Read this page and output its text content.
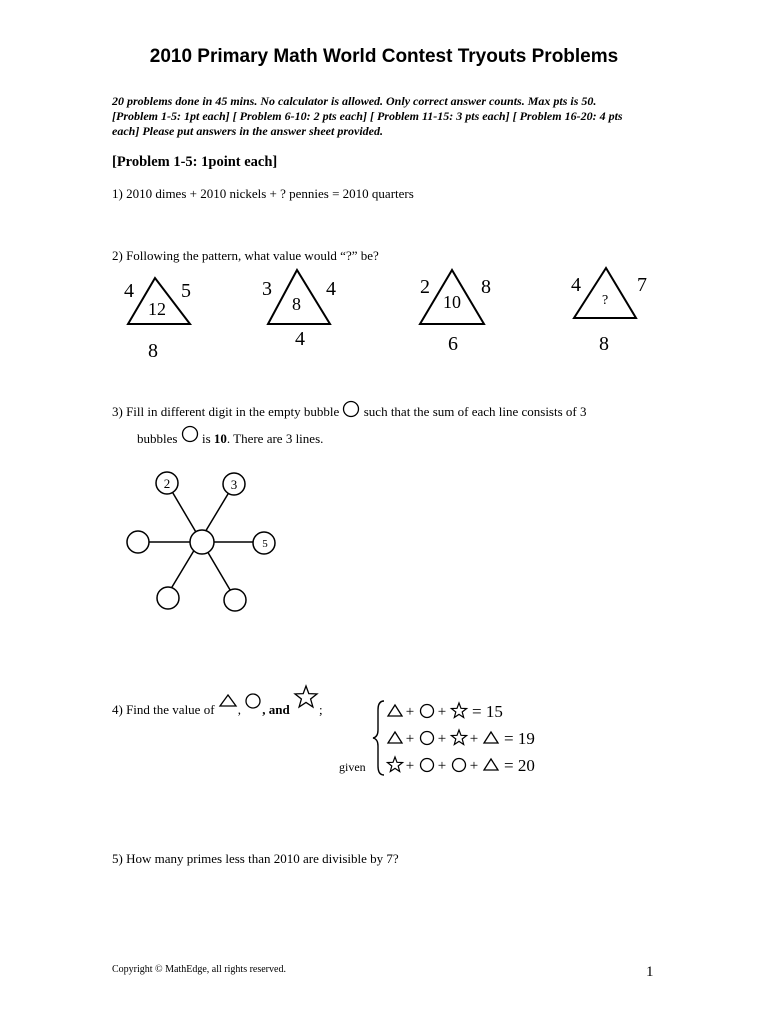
2010 Primary Math World Contest Tryouts Problems
20 problems done in 45 mins. No calculator is allowed. Only correct answer counts. Max pts is 50.
[Problem 1-5: 1pt each] [ Problem 6-10: 2 pts each] [ Problem 11-15: 3 pts each] [ Problem 16-20: 4 pts
each] Please put answers in the answer sheet provided.
[Problem 1-5: 1point each]
1) 2010 dimes + 2010 nickels + ? pennies = 2010 quarters
2) Following the pattern, what value would “?” be?
4 5
12
8
3	4
8
4
2	8
10
6
4	7
?
8
3) Fill in different digit in the empty bubble such that the sum of each line consists of 3
bubbles is 10. There are 3 lines.
2	3
5
4) Find the value of , , and ;
given
+ + = 15
+ + + = 19
+ + + = 20
5) How many primes less than 2010 are divisible by 7?
Copyright © MathEdge, all rights reserved.	1
